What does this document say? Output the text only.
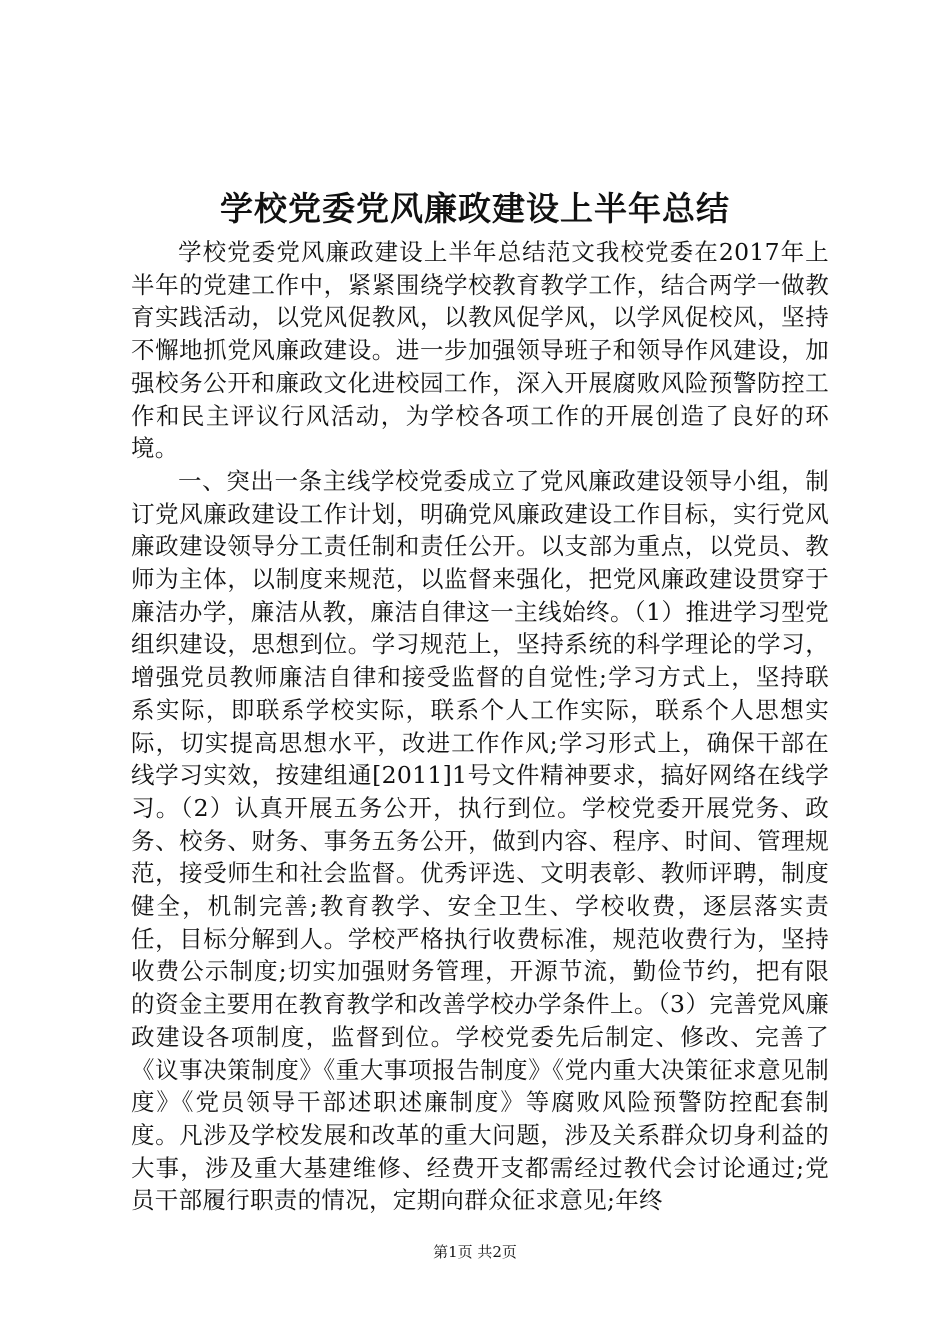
学校党委党风廉政建设上半年总结

学校党委党风廉政建设上半年总结范文我校党委在2017年上半年的党建工作中，紧紧围绕学校教育教学工作，结合两学一做教育实践活动，以党风促教风，以教风促学风，以学风促校风，坚持不懈地抓党风廉政建设。进一步加强领导班子和领导作风建设，加强校务公开和廉政文化进校园工作，深入开展腐败风险预警防控工作和民主评议行风活动，为学校各项工作的开展创造了良好的环境。

一、突出一条主线学校党委成立了党风廉政建设领导小组，制订党风廉政建设工作计划，明确党风廉政建设工作目标，实行党风廉政建设领导分工责任制和责任公开。以支部为重点，以党员、教师为主体，以制度来规范，以监督来强化，把党风廉政建设贯穿于廉洁办学，廉洁从教，廉洁自律这一主线始终。（1）推进学习型党组织建设，思想到位。学习规范上，坚持系统的科学理论的学习，增强党员教师廉洁自律和接受监督的自觉性;学习方式上，坚持联系实际，即联系学校实际，联系个人工作实际，联系个人思想实际，切实提高思想水平，改进工作作风;学习形式上，确保干部在线学习实效，按建组通[2011]1号文件精神要求，搞好网络在线学习。（2）认真开展五务公开，执行到位。学校党委开展党务、政务、校务、财务、事务五务公开，做到内容、程序、时间、管理规范，接受师生和社会监督。优秀评选、文明表彰、教师评聘，制度健全，机制完善;教育教学、安全卫生、学校收费，逐层落实责任，目标分解到人。学校严格执行收费标准，规范收费行为，坚持收费公示制度;切实加强财务管理，开源节流，勤俭节约，把有限的资金主要用在教育教学和改善学校办学条件上。（3）完善党风廉政建设各项制度，监督到位。学校党委先后制定、修改、完善了《议事决策制度》《重大事项报告制度》《党内重大决策征求意见制度》《党员领导干部述职述廉制度》等腐败风险预警防控配套制度。凡涉及学校发展和改革的重大问题，涉及关系群众切身利益的大事，涉及重大基建维修、经费开支都需经过教代会讨论通过;党员干部履行职责的情况，定期向群众征求意见;年终

第1页 共2页
